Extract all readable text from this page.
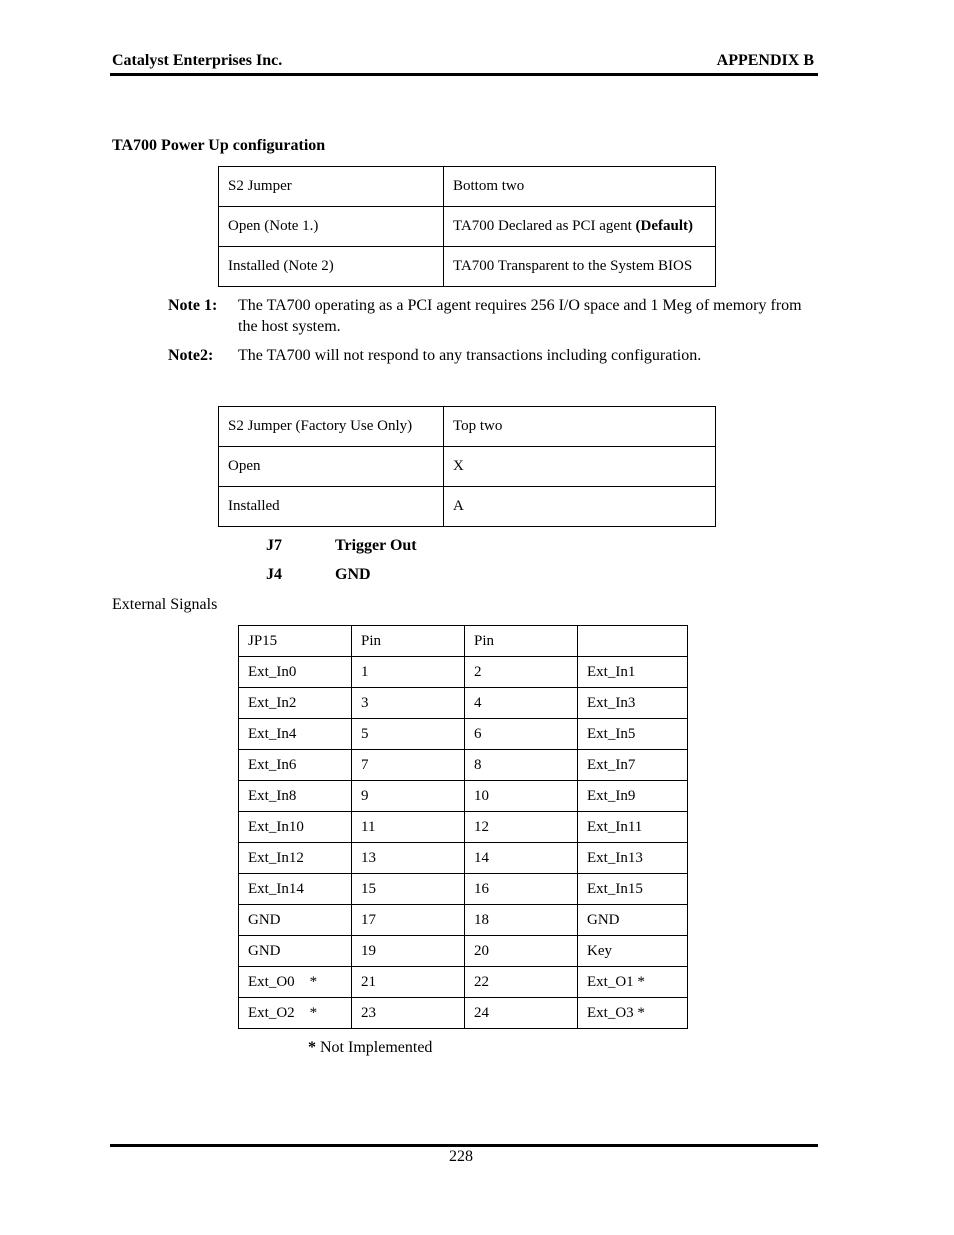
Catalyst Enterprises Inc.	APPENDIX B
TA700 Power Up configuration
S2 Jumper	Bottom two
Open (Note 1.)	TA700 Declared as PCI agent (Default)
Installed (Note 2)	TA700 Transparent to the System BIOS
Note 1: The TA700 operating as a PCI agent requires 256 I/O space and 1 Meg of memory from the host system.
Note2: The TA700 will not respond to any transactions including configuration.
S2 Jumper (Factory Use Only)	Top two
Open	X
Installed	A
J7	Trigger Out
J4	GND
External Signals
JP15	Pin	Pin	
Ext_In0	1	2	Ext_In1
Ext_In2	3	4	Ext_In3
Ext_In4	5	6	Ext_In5
Ext_In6	7	8	Ext_In7
Ext_In8	9	10	Ext_In9
Ext_In10	11	12	Ext_In11
Ext_In12	13	14	Ext_In13
Ext_In14	15	16	Ext_In15
GND	17	18	GND
GND	19	20	Key
Ext_O0    *	21	22	Ext_O1 *
Ext_O2    *	23	24	Ext_O3 *
* Not Implemented
228
